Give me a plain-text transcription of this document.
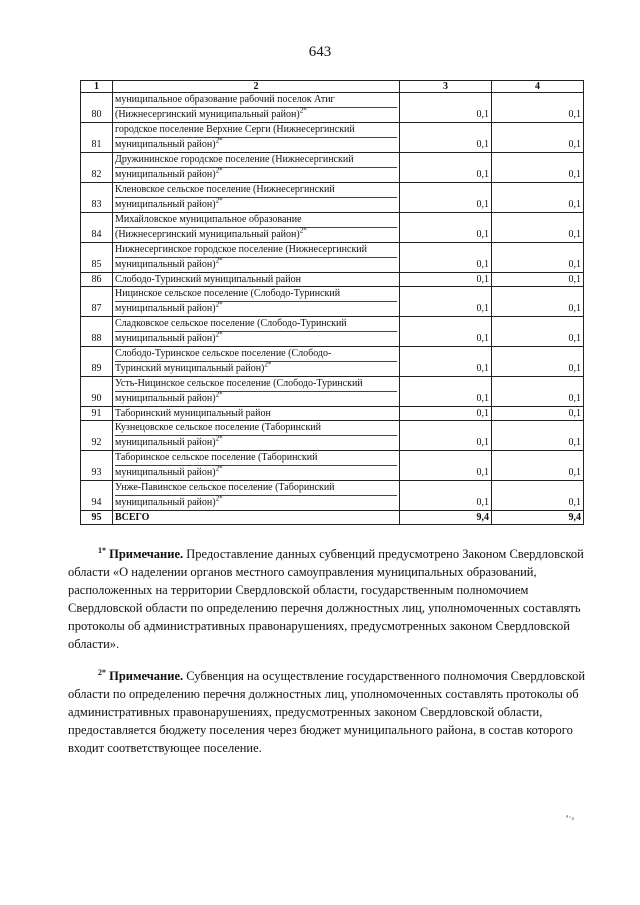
643
1	2	3	4
80	муниципальное образование рабочий поселок Атиг
(Нижнесергинский муниципальный район)$^{2*}$	0,1	0,1
81	городское поселение Верхние Серги (Нижнесергинский
муниципальный район)$^{2*}$	0,1	0,1
82	Дружининское городское поселение (Нижнесергинский
муниципальный район)$^{2*}$	0,1	0,1
83	Кленовское сельское поселение (Нижнесергинский
муниципальный район)$^{2*}$	0,1	0,1
84	Михайловское муниципальное образование
(Нижнесергинский муниципальный район)$^{2*}$	0,1	0,1
85	Нижнесергинское городское поселение (Нижнесергинский
муниципальный район)$^{2*}$	0,1	0,1
86	Слободо-Туринский муниципальный район	0,1	0,1
87	Ницинское сельское поселение (Слободо-Туринский
муниципальный район)$^{2*}$	0,1	0,1
88	Сладковское сельское поселение (Слободо-Туринский
муниципальный район)$^{2*}$	0,1	0,1
89	Слободо-Туринское сельское поселение (Слободо-
Туринский муниципальный район)$^{2*}$	0,1	0,1
90	Усть-Ницинское сельское поселение (Слободо-Туринский
муниципальный район)$^{2*}$	0,1	0,1
91	Таборинский муниципальный район	0,1	0,1
92	Кузнецовское сельское поселение (Таборинский
муниципальный район)$^{2*}$	0,1	0,1
93	Таборинское сельское поселение (Таборинский
муниципальный район)$^{2*}$	0,1	0,1
94	Унже-Павинское сельское поселение (Таборинский
муниципальный район)$^{2*}$	0,1	0,1
95	ВСЕГО	9,4	9,4

$^{1*}$ Примечание. Предоставление данных субвенций предусмотрено Законом Свердловской области «О наделении органов местного самоуправления муниципальных образований, расположенных на территории Свердловской области, государственным полномочием Свердловской области по определению перечня должностных лиц, уполномоченных составлять протоколы об административных правонарушениях, предусмотренных законом Свердловской области».

$^{2*}$ Примечание. Субвенция на осуществление государственного полномочия Свердловской области по определению перечня должностных лиц, уполномоченных составлять протоколы об административных правонарушениях, предусмотренных законом Свердловской области, предоставляется бюджету поселения через бюджет муниципального района, в состав которого входит соответствующее поселение.

ᵃ·ₛ
